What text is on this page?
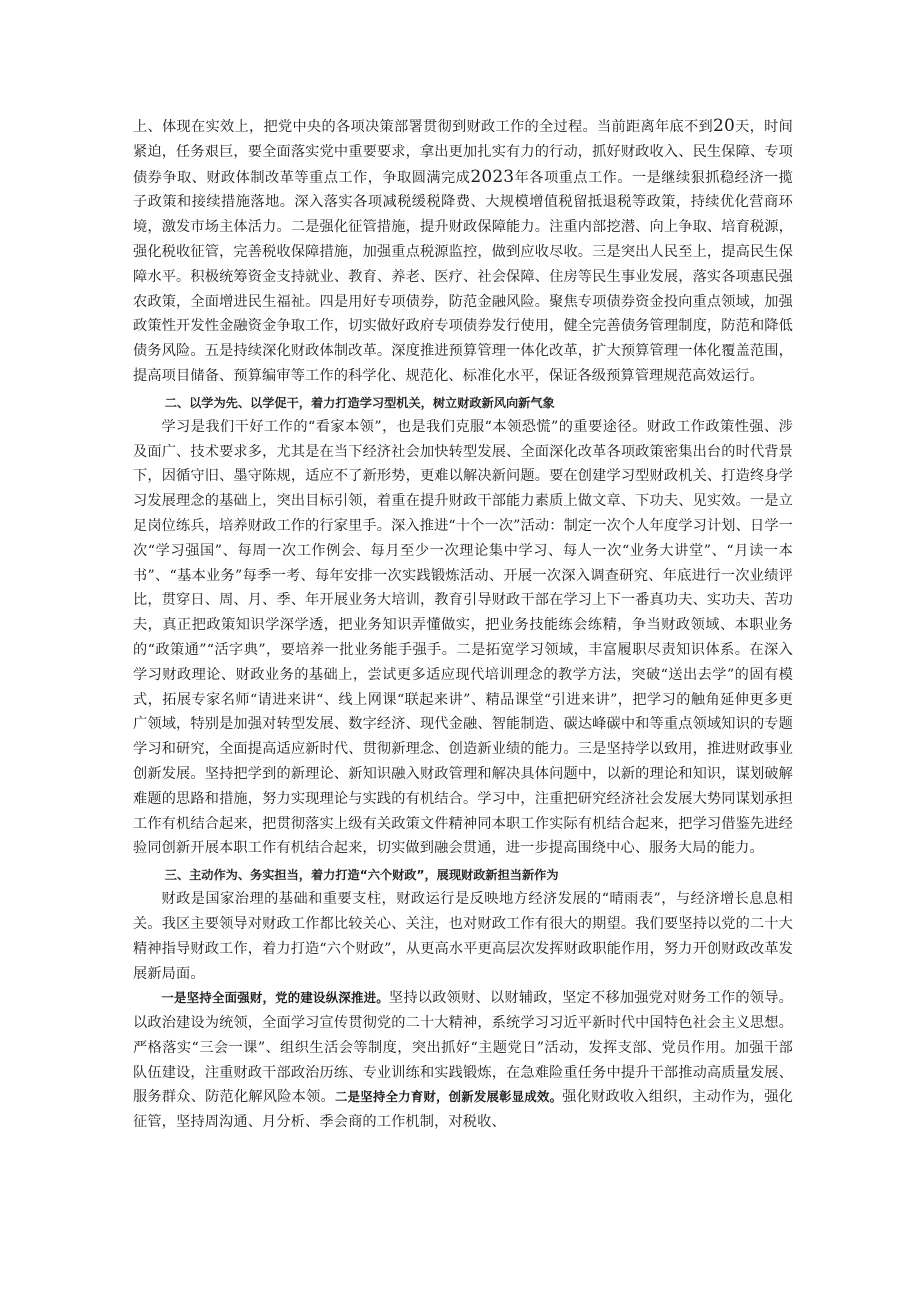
上、体现在实效上，把党中央的各项决策部署贯彻到财政工作的全过程。当前距离年底不到20天，时间紧迫，任务艰巨，要全面落实党中重要要求，拿出更加扎实有力的行动，抓好财政收入、民生保障、专项债券争取、财政体制改革等重点工作，争取圆满完成2023年各项重点工作。一是继续狠抓稳经济一揽子政策和接续措施落地。深入落实各项减税缓税降费、大规模增值税留抵退税等政策，持续优化营商环境，激发市场主体活力。二是强化征管措施，提升财政保障能力。注重内部挖潜、向上争取、培育税源，强化税收征管，完善税收保障措施，加强重点税源监控，做到应收尽收。三是突出人民至上，提高民生保障水平。积极统筹资金支持就业、教育、养老、医疗、社会保障、住房等民生事业发展，落实各项惠民强农政策，全面增进民生福祉。四是用好专项债券，防范金融风险。聚焦专项债券资金投向重点领域，加强政策性开发性金融资金争取工作，切实做好政府专项债券发行使用，健全完善债务管理制度，防范和降低债务风险。五是持续深化财政体制改革。深度推进预算管理一体化改革，扩大预算管理一体化覆盖范围，提高项目储备、预算编审等工作的科学化、规范化、标准化水平，保证各级预算管理规范高效运行。

二、以学为先、以学促干，着力打造学习型机关，树立财政新风向新气象

学习是我们干好工作的“看家本领”，也是我们克服“本领恐慌”的重要途径。财政工作政策性强、涉及面广、技术要求多，尤其是在当下经济社会加快转型发展、全面深化改革各项政策密集出台的时代背景下，因循守旧、墨守陈规，适应不了新形势，更难以解决新问题。要在创建学习型财政机关、打造终身学习发展理念的基础上，突出目标引领，着重在提升财政干部能力素质上做文章、下功夫、见实效。一是立足岗位练兵，培养财政工作的行家里手。深入推进“十个一次”活动：制定一次个人年度学习计划、日学一次“学习强国”、每周一次工作例会、每月至少一次理论集中学习、每人一次“业务大讲堂”、“月读一本书”、“基本业务”每季一考、每年安排一次实践锻炼活动、开展一次深入调查研究、年底进行一次业绩评比，贯穿日、周、月、季、年开展业务大培训，教育引导财政干部在学习上下一番真功夫、实功夫、苦功夫，真正把政策知识学深学透，把业务知识弄懂做实，把业务技能练会练精，争当财政领域、本职业务的“政策通”“活字典”，要培养一批业务能手强手。二是拓宽学习领域，丰富履职尽责知识体系。在深入学习财政理论、财政业务的基础上，尝试更多适应现代培训理念的教学方法，突破“送出去学”的固有模式，拓展专家名师“请进来讲“、线上网课“联起来讲”、精品课堂“引进来讲”，把学习的触角延伸更多更广领域，特别是加强对转型发展、数字经济、现代金融、智能制造、碳达峰碳中和等重点领域知识的专题学习和研究，全面提高适应新时代、贯彻新理念、创造新业绩的能力。三是坚持学以致用，推进财政事业创新发展。坚持把学到的新理论、新知识融入财政管理和解决具体问题中，以新的理论和知识，谋划破解难题的思路和措施，努力实现理论与实践的有机结合。学习中，注重把研究经济社会发展大势同谋划承担工作有机结合起来，把贯彻落实上级有关政策文件精神同本职工作实际有机结合起来，把学习借鉴先进经验同创新开展本职工作有机结合起来，切实做到融会贯通，进一步提高围绕中心、服务大局的能力。

三、主动作为、务实担当，着力打造“六个财政”，展现财政新担当新作为

财政是国家治理的基础和重要支柱，财政运行是反映地方经济发展的“晴雨表”，与经济增长息息相关。我区主要领导对财政工作都比较关心、关注，也对财政工作有很大的期望。我们要坚持以党的二十大精神指导财政工作，着力打造“六个财政”，从更高水平更高层次发挥财政职能作用，努力开创财政改革发展新局面。

一是坚持全面强财，党的建设纵深推进。坚持以政领财、以财辅政，坚定不移加强党对财务工作的领导。以政治建设为统领，全面学习宣传贯彻党的二十大精神，系统学习习近平新时代中国特色社会主义思想。严格落实“三会一课”、组织生活会等制度，突出抓好“主题党日”活动，发挥支部、党员作用。加强干部队伍建设，注重财政干部政治历练、专业训练和实践锻炼，在急难险重任务中提升干部推动高质量发展、服务群众、防范化解风险本领。二是坚持全力育财，创新发展彰显成效。强化财政收入组织，主动作为，强化征管，坚持周沟通、月分析、季会商的工作机制，对税收、
